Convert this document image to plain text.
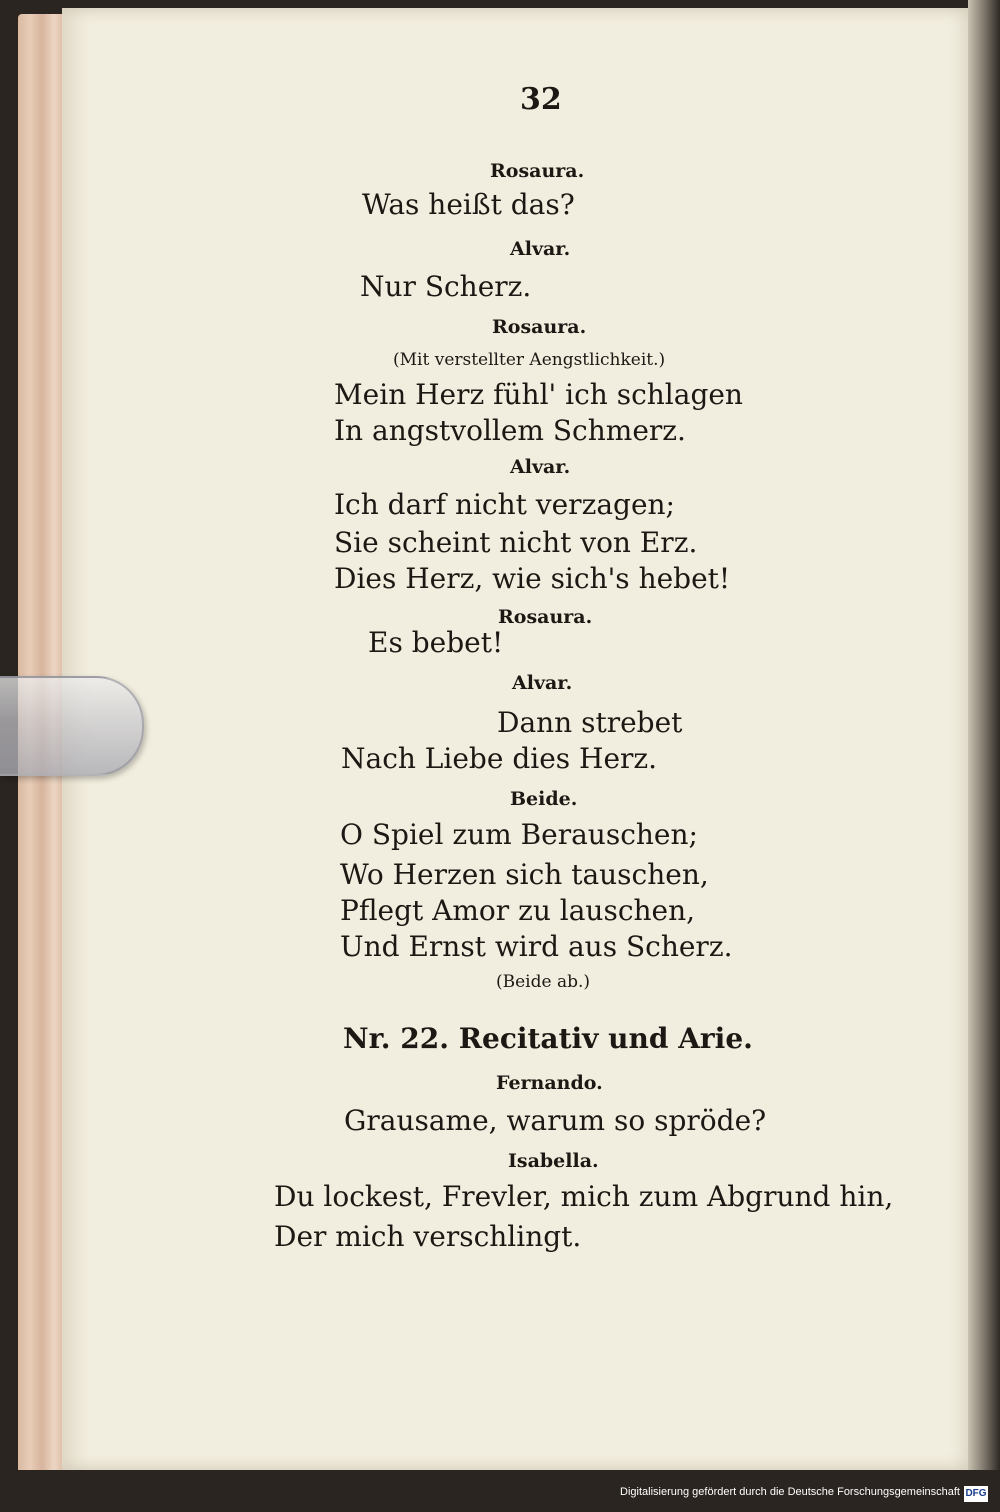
32
Rosaura.
Was heißt das?
Alvar.
Nur Scherz.
Rosaura.
(Mit verstellter Aengstlichkeit.)
Mein Herz fühl' ich schlagen
In angstvollem Schmerz.
Alvar.
Ich darf nicht verzagen;
Sie scheint nicht von Erz.
Dies Herz, wie sich's hebet!
Rosaura.
Es bebet!
Alvar.
Dann strebet
Nach Liebe dies Herz.
Beide.
O Spiel zum Berauschen;
Wo Herzen sich tauschen,
Pflegt Amor zu lauschen,
Und Ernst wird aus Scherz.
(Beide ab.)
Nr. 22. Recitativ und Arie.
Fernando.
Grausame, warum so spröde?
Isabella.
Du lockest, Frevler, mich zum Abgrund hin,
Der mich verschlingt.
Digitalisierung gefördert durch die Deutsche Forschungsgemeinschaft DFG
